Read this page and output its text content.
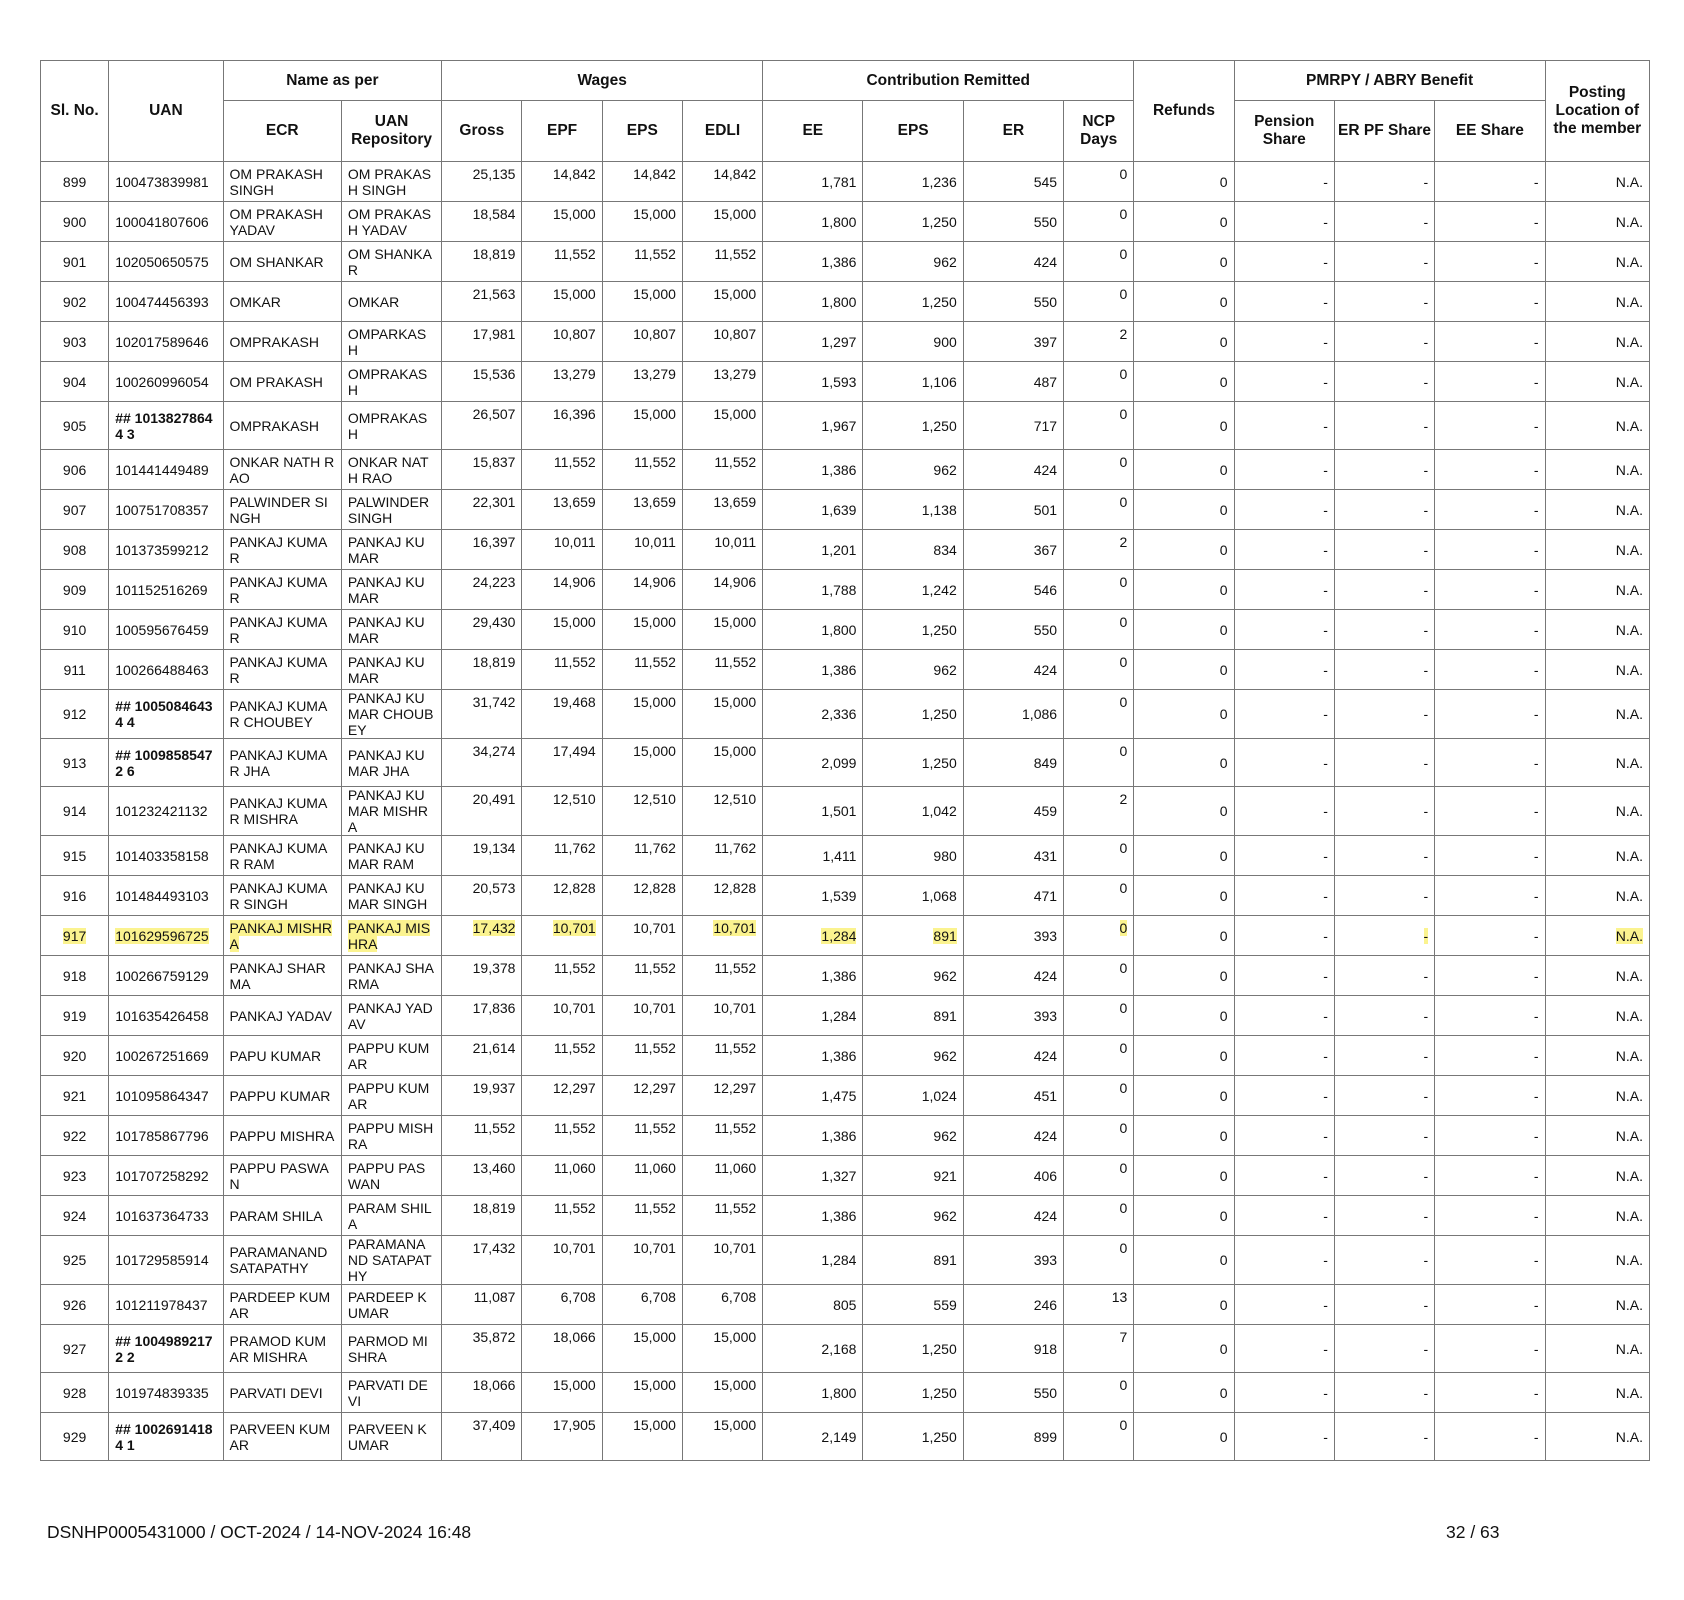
Sl. No.	UAN	Name as per		Wages				Contribution Remitted				Refunds	PMRPY / ABRY Benefit			Posting Location of the member
		ECR	UAN Repository	Gross	EPF	EPS	EDLI	EE	EPS	ER	NCP Days		Pension Share	ER PF Share	EE Share	
899	100473839981	OM PRAKASH SINGH	OM PRAKASH SINGH	25,135	14,842	14,842	14,842	1,781	1,236	545	0	0	-	-	-	N.A.
900	100041807606	OM PRAKASH YADAV	OM PRAKASH YADAV	18,584	15,000	15,000	15,000	1,800	1,250	550	0	0	-	-	-	N.A.
901	102050650575	OM SHANKAR	OM SHANKAR	18,819	11,552	11,552	11,552	1,386	962	424	0	0	-	-	-	N.A.
902	100474456393	OMKAR	OMKAR	21,563	15,000	15,000	15,000	1,800	1,250	550	0	0	-	-	-	N.A.
903	102017589646	OMPRAKASH	OMPARKASH	17,981	10,807	10,807	10,807	1,297	900	397	2	0	-	-	-	N.A.
904	100260996054	OM PRAKASH	OMPRAKASH	15,536	13,279	13,279	13,279	1,593	1,106	487	0	0	-	-	-	N.A.
905	## 10138278644 3	OMPRAKASH	OMPRAKASH	26,507	16,396	15,000	15,000	1,967	1,250	717	0	0	-	-	-	N.A.
906	101441449489	ONKAR NATH RAO	ONKAR NATH RAO	15,837	11,552	11,552	11,552	1,386	962	424	0	0	-	-	-	N.A.
907	100751708357	PALWINDER SINGH	PALWINDER SINGH	22,301	13,659	13,659	13,659	1,639	1,138	501	0	0	-	-	-	N.A.
908	101373599212	PANKAJ KUMAR	PANKAJ KUMAR	16,397	10,011	10,011	10,011	1,201	834	367	2	0	-	-	-	N.A.
909	101152516269	PANKAJ KUMAR	PANKAJ KUMAR	24,223	14,906	14,906	14,906	1,788	1,242	546	0	0	-	-	-	N.A.
910	100595676459	PANKAJ KUMAR	PANKAJ KUMAR	29,430	15,000	15,000	15,000	1,800	1,250	550	0	0	-	-	-	N.A.
911	100266488463	PANKAJ KUMAR	PANKAJ KUMAR	18,819	11,552	11,552	11,552	1,386	962	424	0	0	-	-	-	N.A.
912	## 10050846434 4	PANKAJ KUMAR CHOUBEY	PANKAJ KUMAR CHOUBEY	31,742	19,468	15,000	15,000	2,336	1,250	1,086	0	0	-	-	-	N.A.
913	## 10098585472 6	PANKAJ KUMAR JHA	PANKAJ KUMAR JHA	34,274	17,494	15,000	15,000	2,099	1,250	849	0	0	-	-	-	N.A.
914	101232421132	PANKAJ KUMAR MISHRA	PANKAJ KUMAR MISHRA	20,491	12,510	12,510	12,510	1,501	1,042	459	2	0	-	-	-	N.A.
915	101403358158	PANKAJ KUMAR RAM	PANKAJ KUMAR RAM	19,134	11,762	11,762	11,762	1,411	980	431	0	0	-	-	-	N.A.
916	101484493103	PANKAJ KUMAR SINGH	PANKAJ KUMAR SINGH	20,573	12,828	12,828	12,828	1,539	1,068	471	0	0	-	-	-	N.A.
917	101629596725	PANKAJ MISHRA	PANKAJ MISHRA	17,432	10,701	10,701	10,701	1,284	891	393	0	0	-	-	-	N.A.
918	100266759129	PANKAJ SHARMA	PANKAJ SHARMA	19,378	11,552	11,552	11,552	1,386	962	424	0	0	-	-	-	N.A.
919	101635426458	PANKAJ YADAV	PANKAJ YADAV	17,836	10,701	10,701	10,701	1,284	891	393	0	0	-	-	-	N.A.
920	100267251669	PAPU KUMAR	PAPPU KUMAR	21,614	11,552	11,552	11,552	1,386	962	424	0	0	-	-	-	N.A.
921	101095864347	PAPPU KUMAR	PAPPU KUMAR	19,937	12,297	12,297	12,297	1,475	1,024	451	0	0	-	-	-	N.A.
922	101785867796	PAPPU MISHRA	PAPPU MISHRA	11,552	11,552	11,552	11,552	1,386	962	424	0	0	-	-	-	N.A.
923	101707258292	PAPPU PASWAN	PAPPU PASWAN	13,460	11,060	11,060	11,060	1,327	921	406	0	0	-	-	-	N.A.
924	101637364733	PARAM SHILA	PARAM SHILA	18,819	11,552	11,552	11,552	1,386	962	424	0	0	-	-	-	N.A.
925	101729585914	PARAMANAND SATAPATHY	PARAMANAND SATAPATHY	17,432	10,701	10,701	10,701	1,284	891	393	0	0	-	-	-	N.A.
926	101211978437	PARDEEP KUMAR	PARDEEP KUMAR	11,087	6,708	6,708	6,708	805	559	246	13	0	-	-	-	N.A.
927	## 10049892172 2	PRAMOD KUMAR MISHRA	PARMOD MISHRA	35,872	18,066	15,000	15,000	2,168	1,250	918	7	0	-	-	-	N.A.
928	101974839335	PARVATI DEVI	PARVATI DEVI	18,066	15,000	15,000	15,000	1,800	1,250	550	0	0	-	-	-	N.A.
929	## 10026914184 1	PARVEEN KUMAR	PARVEEN KUMAR	37,409	17,905	15,000	15,000	2,149	1,250	899	0	0	-	-	-	N.A.
DSNHP0005431000 / OCT-2024 / 14-NOV-2024 16:48	32 / 63
